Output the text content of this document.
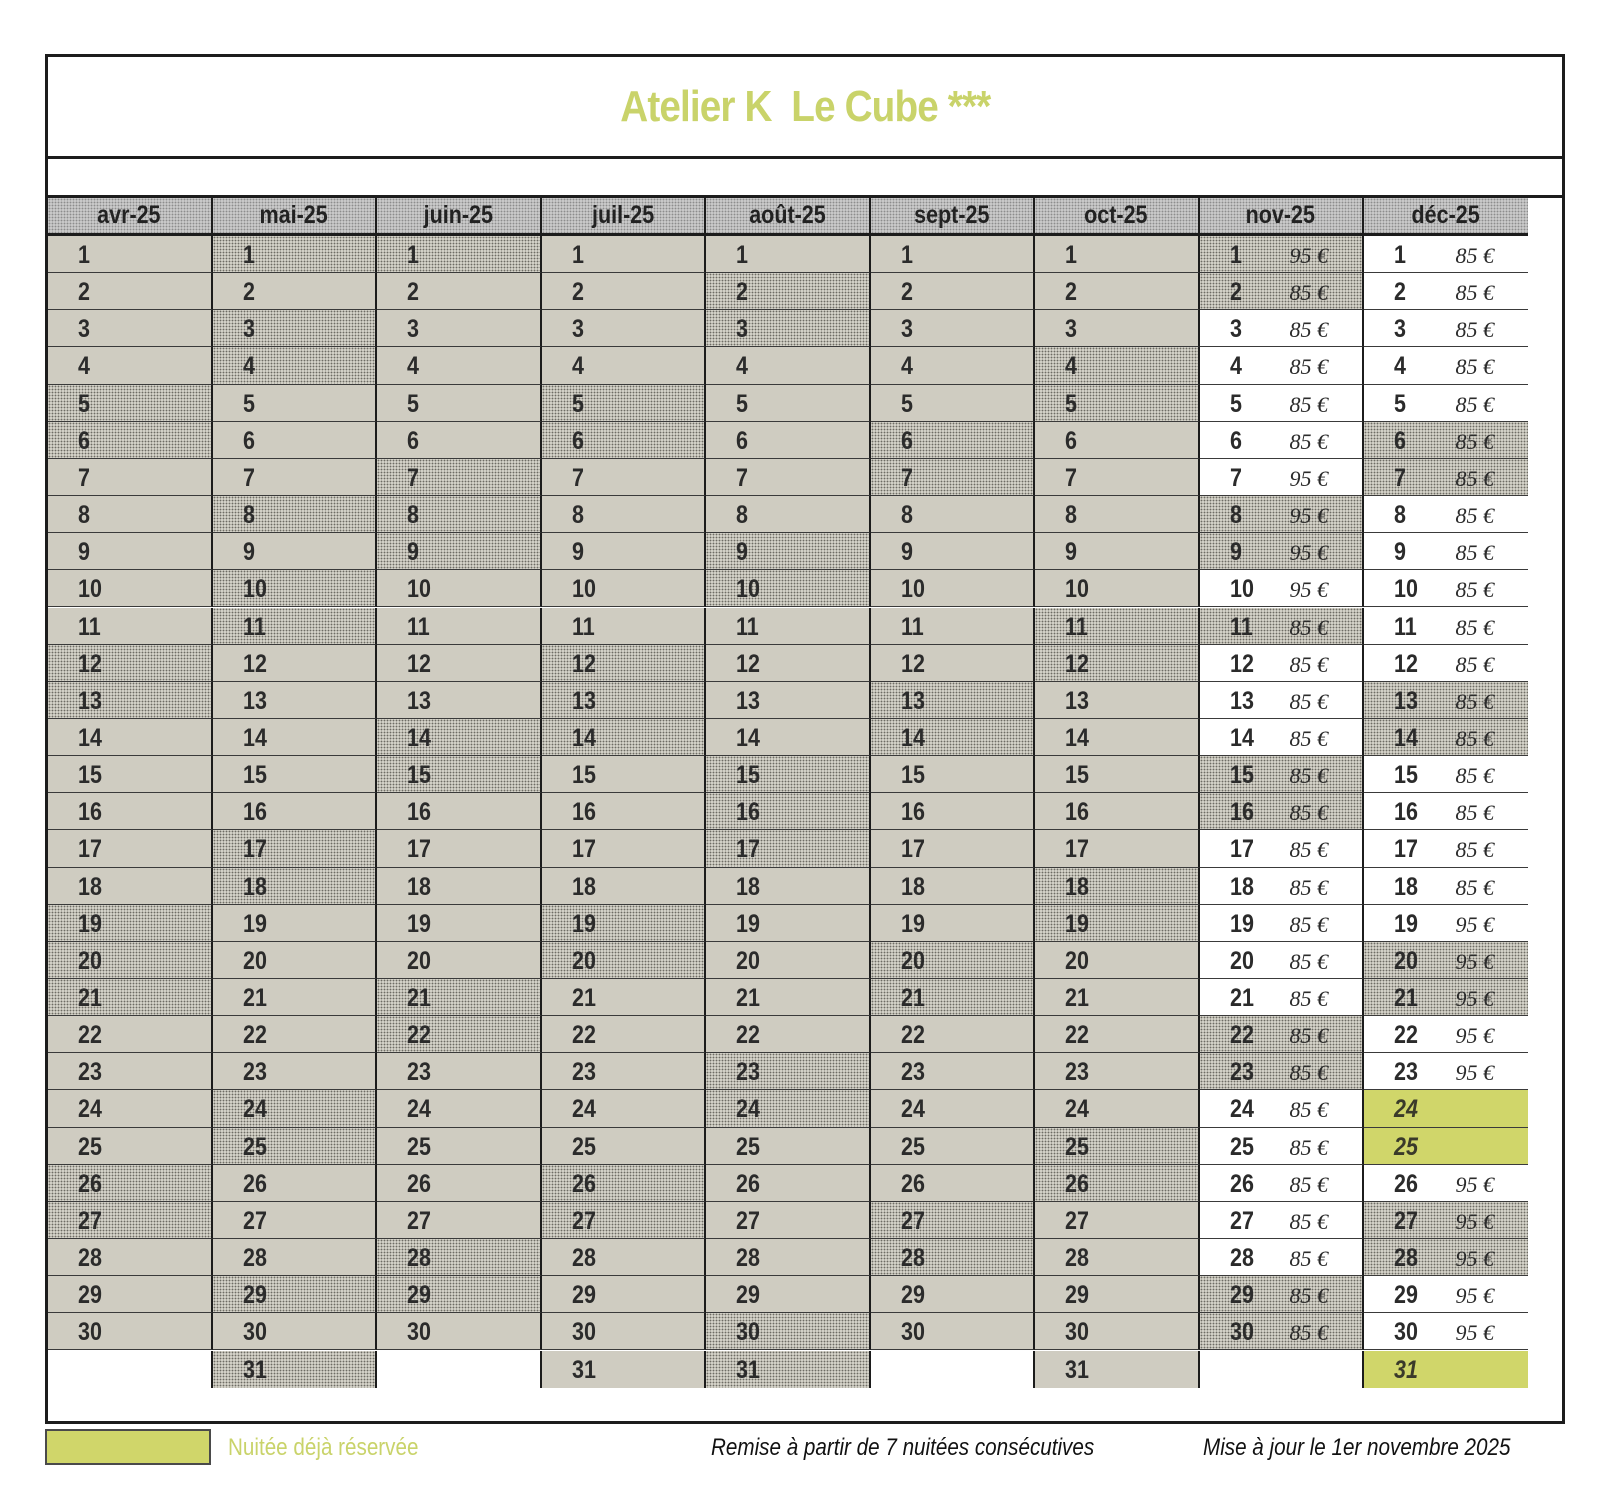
Atelier K  Le Cube ***
avr-25
1
2
3
4
5
6
7
8
9
10
11
12
13
14
15
16
17
18
19
20
21
22
23
24
25
26
27
28
29
30
mai-25
1
2
3
4
5
6
7
8
9
10
11
12
13
14
15
16
17
18
19
20
21
22
23
24
25
26
27
28
29
30
31
juin-25
1
2
3
4
5
6
7
8
9
10
11
12
13
14
15
16
17
18
19
20
21
22
23
24
25
26
27
28
29
30
juil-25
1
2
3
4
5
6
7
8
9
10
11
12
13
14
15
16
17
18
19
20
21
22
23
24
25
26
27
28
29
30
31
août-25
1
2
3
4
5
6
7
8
9
10
11
12
13
14
15
16
17
18
19
20
21
22
23
24
25
26
27
28
29
30
31
sept-25
1
2
3
4
5
6
7
8
9
10
11
12
13
14
15
16
17
18
19
20
21
22
23
24
25
26
27
28
29
30
oct-25
1
2
3
4
5
6
7
8
9
10
11
12
13
14
15
16
17
18
19
20
21
22
23
24
25
26
27
28
29
30
31
nov-25
1 95 €
2 85 €
3 85 €
4 85 €
5 85 €
6 85 €
7 95 €
8 95 €
9 95 €
10 95 €
11 85 €
12 85 €
13 85 €
14 85 €
15 85 €
16 85 €
17 85 €
18 85 €
19 85 €
20 85 €
21 85 €
22 85 €
23 85 €
24 85 €
25 85 €
26 85 €
27 85 €
28 85 €
29 85 €
30 85 €
déc-25
1 85 €
2 85 €
3 85 €
4 85 €
5 85 €
6 85 €
7 85 €
8 85 €
9 85 €
10 85 €
11 85 €
12 85 €
13 85 €
14 85 €
15 85 €
16 85 €
17 85 €
18 85 €
19 95 €
20 95 €
21 95 €
22 95 €
23 95 €
24
25
26 95 €
27 95 €
28 95 €
29 95 €
30 95 €
31
Nuitée déjà réservée	Remise à partir de 7 nuitées consécutives	Mise à jour le 1er novembre 2025
